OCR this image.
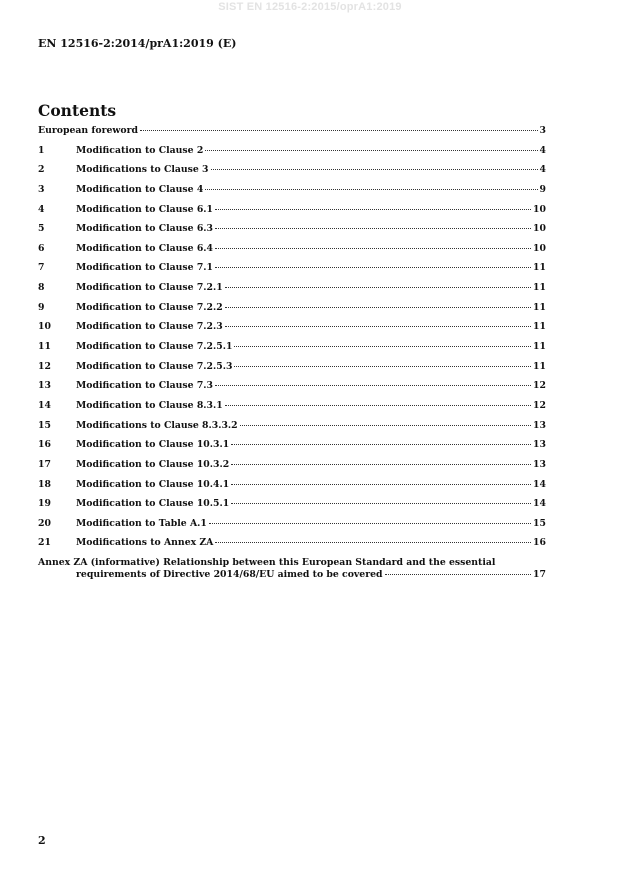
SIST EN 12516-2:2015/oprA1:2019
EN 12516-2:2014/prA1:2019 (E)
Contents
European foreword	3
1	Modification to Clause 2	4
2	Modifications to Clause 3	4
3	Modification to Clause 4	9
4	Modification to Clause 6.1	10
5	Modification to Clause 6.3	10
6	Modification to Clause 6.4	10
7	Modification to Clause 7.1	11
8	Modification to Clause 7.2.1	11
9	Modification to Clause 7.2.2	11
10	Modification to Clause 7.2.3	11
11	Modification to Clause 7.2.5.1	11
12	Modification to Clause 7.2.5.3	11
13	Modification to Clause 7.3	12
14	Modification to Clause 8.3.1	12
15	Modifications to Clause 8.3.3.2	13
16	Modification to Clause 10.3.1	13
17	Modification to Clause 10.3.2	13
18	Modification to Clause 10.4.1	14
19	Modification to Clause 10.5.1	14
20	Modification to Table A.1	15
21	Modifications to Annex ZA	16
Annex ZA (informative) Relationship between this European Standard and the essential
requirements of Directive 2014/68/EU aimed to be covered	17
2
